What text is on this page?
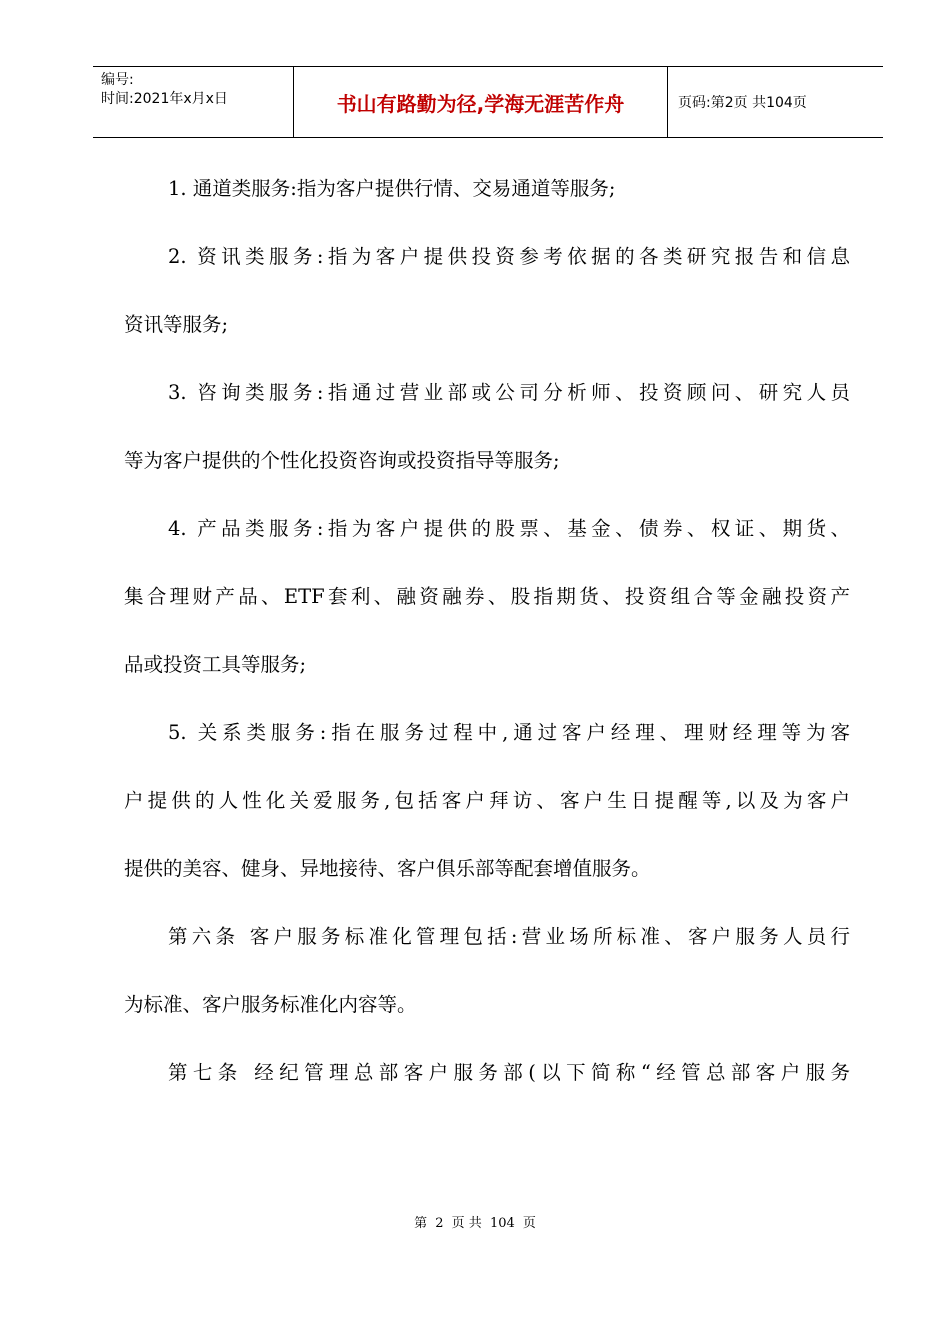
编号:
时间:2021年x月x日	书山有路勤为径,学海无涯苦作舟	页码:第2页 共104页
1. 通道类服务:指为客户提供行情、交易通道等服务;
2. 资讯类服务:指为客户提供投资参考依据的各类研究报告和信息
资讯等服务;
3. 咨询类服务:指通过营业部或公司分析师、投资顾问、研究人员
等为客户提供的个性化投资咨询或投资指导等服务;
4. 产品类服务:指为客户提供的股票、基金、债券、权证、期货、
集合理财产品、ETF套利、融资融券、股指期货、投资组合等金融投资产
品或投资工具等服务;
5. 关系类服务:指在服务过程中,通过客户经理、理财经理等为客
户提供的人性化关爱服务,包括客户拜访、客户生日提醒等,以及为客户
提供的美容、健身、异地接待、客户俱乐部等配套增值服务。
第六条 客户服务标准化管理包括:营业场所标准、客户服务人员行
为标准、客户服务标准化内容等。
第七条 经纪管理总部客户服务部(以下简称“经管总部客户服务
第 2 页 共 104 页
